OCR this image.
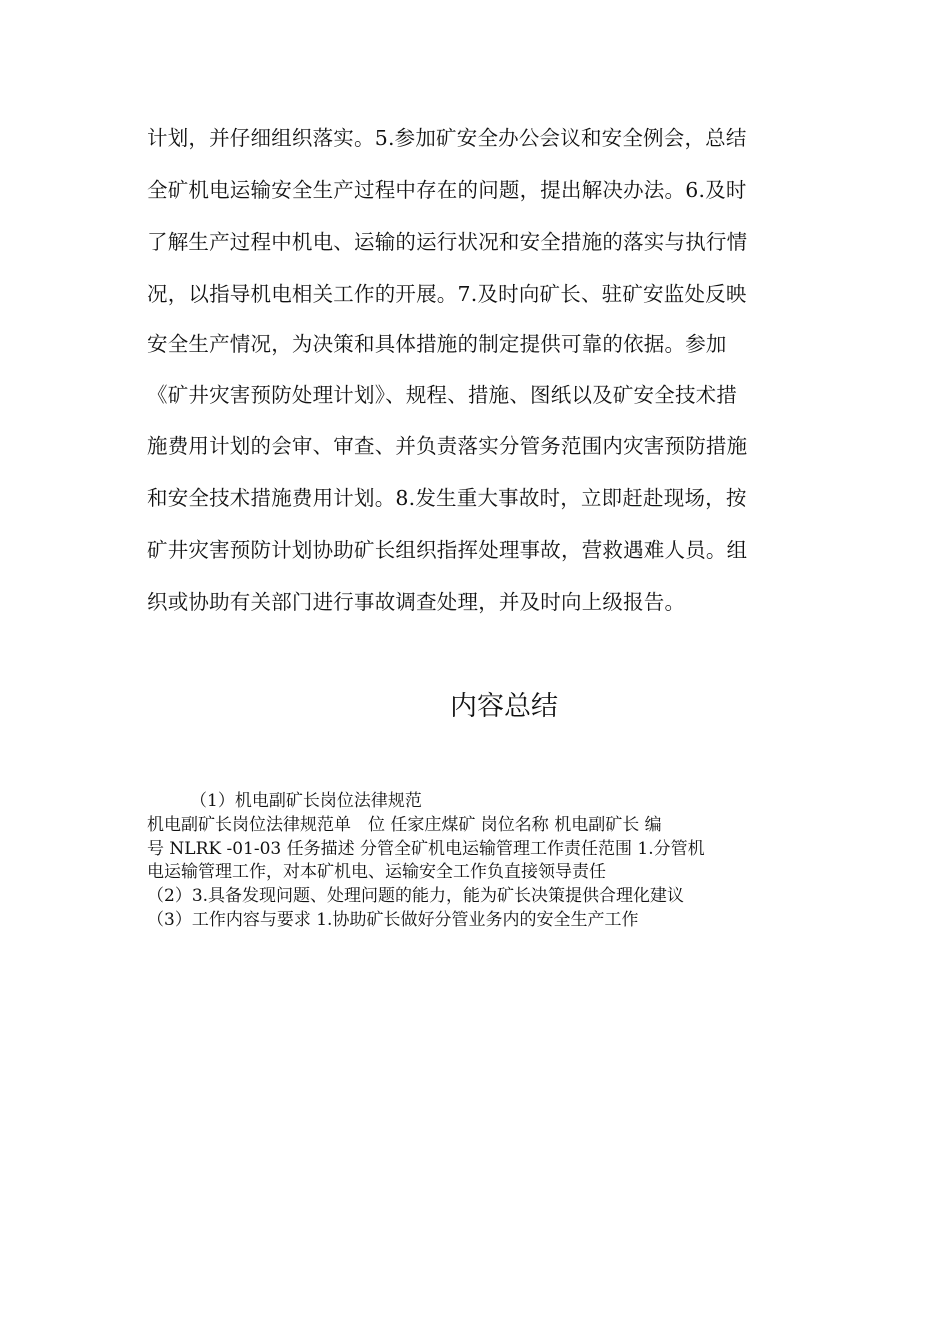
计划，并仔细组织落实。5.参加矿安全办公会议和安全例会，总结
全矿机电运输安全生产过程中存在的问题，提出解决办法。6.及时
了解生产过程中机电、运输的运行状况和安全措施的落实与执行情
况，以指导机电相关工作的开展。7.及时向矿长、驻矿安监处反映
安全生产情况，为决策和具体措施的制定提供可靠的依据。参加
《矿井灾害预防处理计划》、规程、措施、图纸以及矿安全技术措
施费用计划的会审、审查、并负责落实分管务范围内灾害预防措施
和安全技术措施费用计划。8.发生重大事故时，立即赶赴现场，按
矿井灾害预防计划协助矿长组织指挥处理事故，营救遇难人员。组
织或协助有关部门进行事故调查处理，并及时向上级报告。
内容总结
（1）机电副矿长岗位法律规范
机电副矿长岗位法律规范单　位 任家庄煤矿 岗位名称 机电副矿长 编
号 NLRK -01-03 任务描述 分管全矿机电运输管理工作责任范围 1.分管机
电运输管理工作，对本矿机电、运输安全工作负直接领导责任
（2）3.具备发现问题、处理问题的能力，能为矿长决策提供合理化建议
（3）工作内容与要求 1.协助矿长做好分管业务内的安全生产工作
